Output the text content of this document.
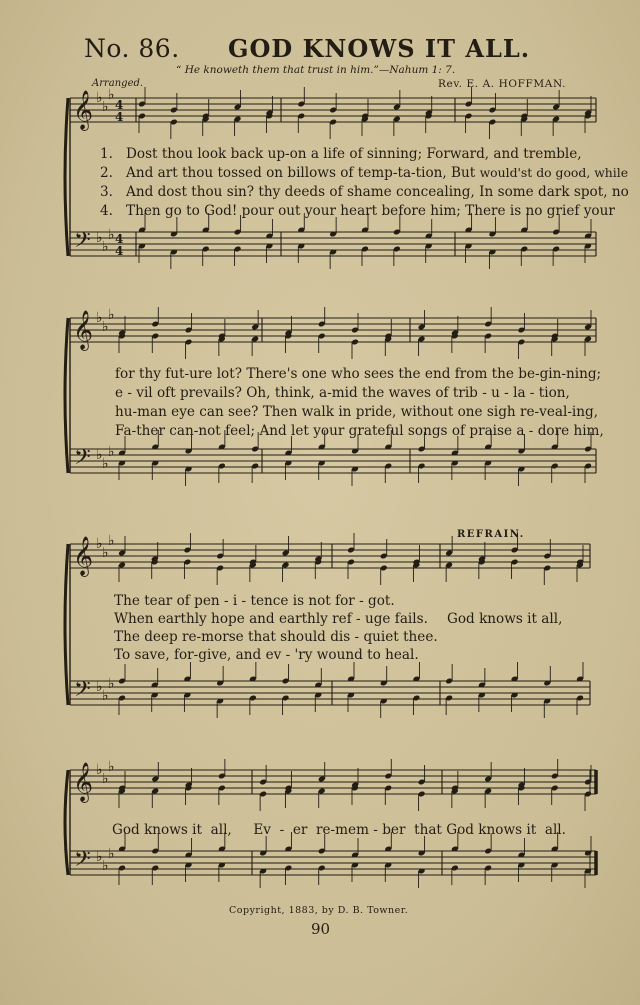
No. 86. GOD KNOWS IT ALL.
“ He knoweth them that trust in him.”—Nahum 1: 7.
Arranged.	Rev. E. A. HOFFMAN.
𝄞
𝄢
♭
♭
♭
♭
♭
♭
4
4
4
4
𝄞
𝄢
♭
♭
♭
♭
♭
♭
𝄞
𝄢
♭
♭
♭
♭
♭
♭
𝄞
𝄢
♭
♭
♭
♭
♭
♭
1. Dost thou look back up-on a life of sinning; Forward, and tremble,
2. And art thou tossed on billows of temp-ta-tion, But would'st do good, while
3. And dost thou sin? thy deeds of shame concealing, In some dark spot, no
4. Then go to God! pour out your heart before him; There is no grief your
for thy fut-ure lot? There's one who sees the end from the be-gin-ning;
e - vil oft prevails? Oh, think, a-mid the waves of trib - u - la - tion,
hu-man eye can see? Then walk in pride, without one sigh re-veal-ing,
Fa-ther can-not feel; And let your grateful songs of praise a - dore him,
REFRAIN.
The tear of pen - i - tence is not for - got.
When earthly hope and earthly ref - uge fails. God knows it all,
The deep re-morse that should dis - quiet thee.
To save, for-give, and ev - 'ry wound to heal.
God knows it  all,     Ev  -  er  re-mem - ber  that God knows it  all.
Copyright, 1883, by D. B. Towner.
90
